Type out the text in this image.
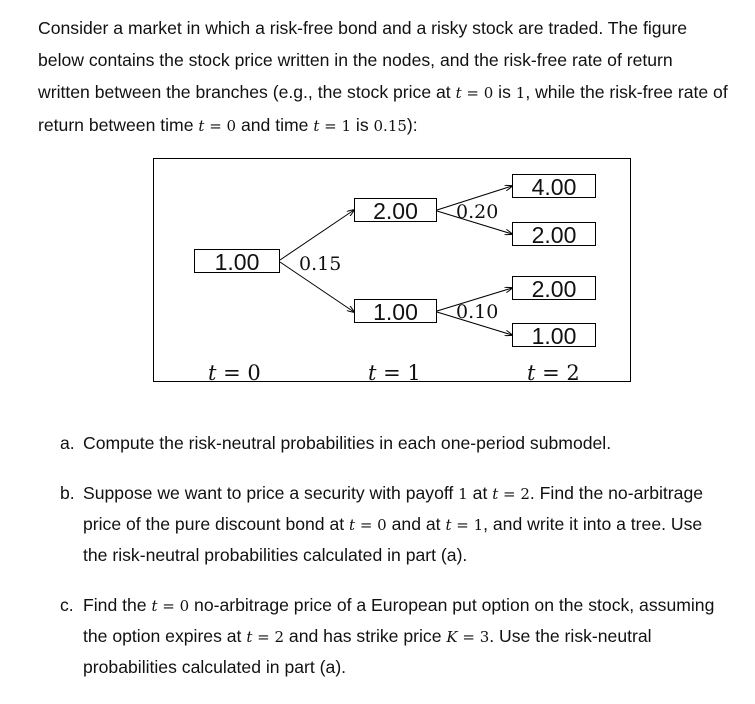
Consider a market in which a risk-free bond and a risky stock are traded. The figure below contains the stock price written in the nodes, and the risk-free rate of return written between the branches (e.g., the stock price at t = 0 is 1, while the risk-free rate of return between time t = 0 and time t = 1 is 0.15):

1.00
2.00
1.00
4.00
2.00
2.00
1.00
0.15
0.20
0.10
t = 0	t = 1	t = 2
a. Compute the risk-neutral probabilities in each one-period submodel.
b. Suppose we want to price a security with payoff 1 at t = 2. Find the no-arbitrage price of the pure discount bond at t = 0 and at t = 1, and write it into a tree. Use the risk-neutral probabilities calculated in part (a).
c. Find the t = 0 no-arbitrage price of a European put option on the stock, assuming the option expires at t = 2 and has strike price K = 3. Use the risk-neutral probabilities calculated in part (a).
